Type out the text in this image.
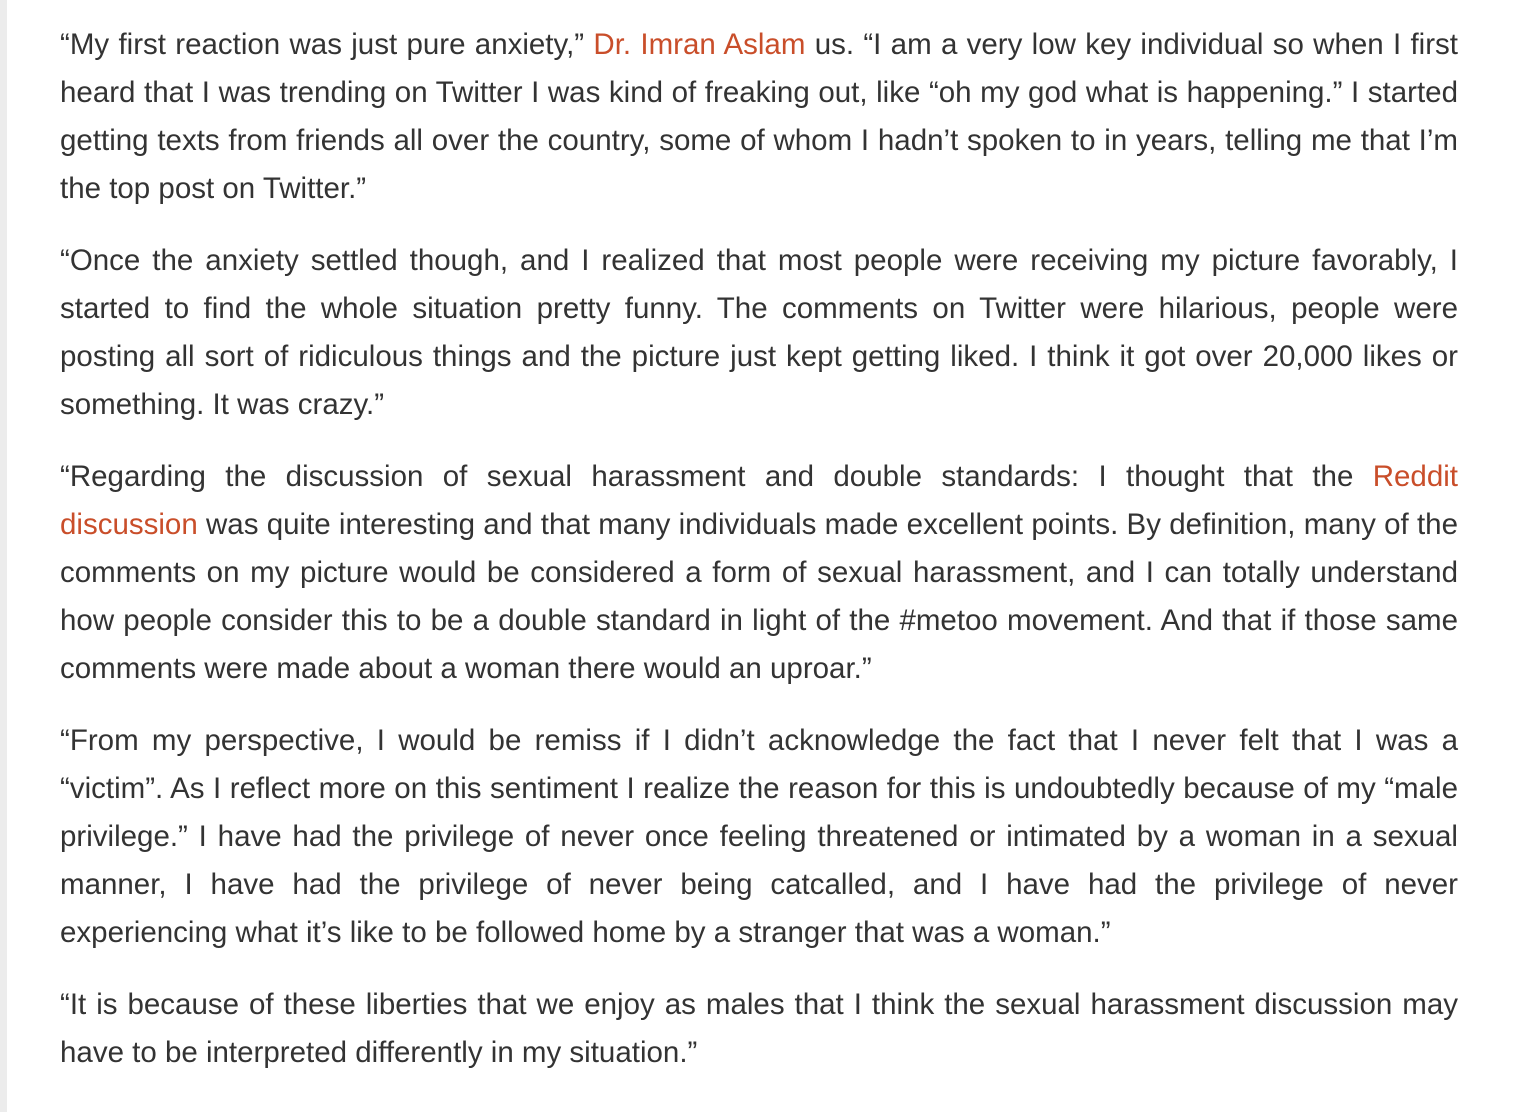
“My first reaction was just pure anxiety,” Dr. Imran Aslam us. “I am a very low key individual so when I first heard that I was trending on Twitter I was kind of freaking out, like “oh my god what is happening.” I started getting texts from friends all over the country, some of whom I hadn’t spoken to in years, telling me that I’m the top post on Twitter.”

“Once the anxiety settled though, and I realized that most people were receiving my picture favorably, I started to find the whole situation pretty funny. The comments on Twitter were hilarious, people were posting all sort of ridiculous things and the picture just kept getting liked. I think it got over 20,000 likes or something. It was crazy.”

“Regarding the discussion of sexual harassment and double standards: I thought that the Reddit discussion was quite interesting and that many individuals made excellent points. By definition, many of the comments on my picture would be considered a form of sexual harassment, and I can totally understand how people consider this to be a double standard in light of the #metoo movement. And that if those same comments were made about a woman there would an uproar.”

“From my perspective, I would be remiss if I didn’t acknowledge the fact that I never felt that I was a “victim”. As I reflect more on this sentiment I realize the reason for this is undoubtedly because of my “male privilege.” I have had the privilege of never once feeling threatened or intimated by a woman in a sexual manner, I have had the privilege of never being catcalled, and I have had the privilege of never experiencing what it’s like to be followed home by a stranger that was a woman.”

“It is because of these liberties that we enjoy as males that I think the sexual harassment discussion may have to be interpreted differently in my situation.”
